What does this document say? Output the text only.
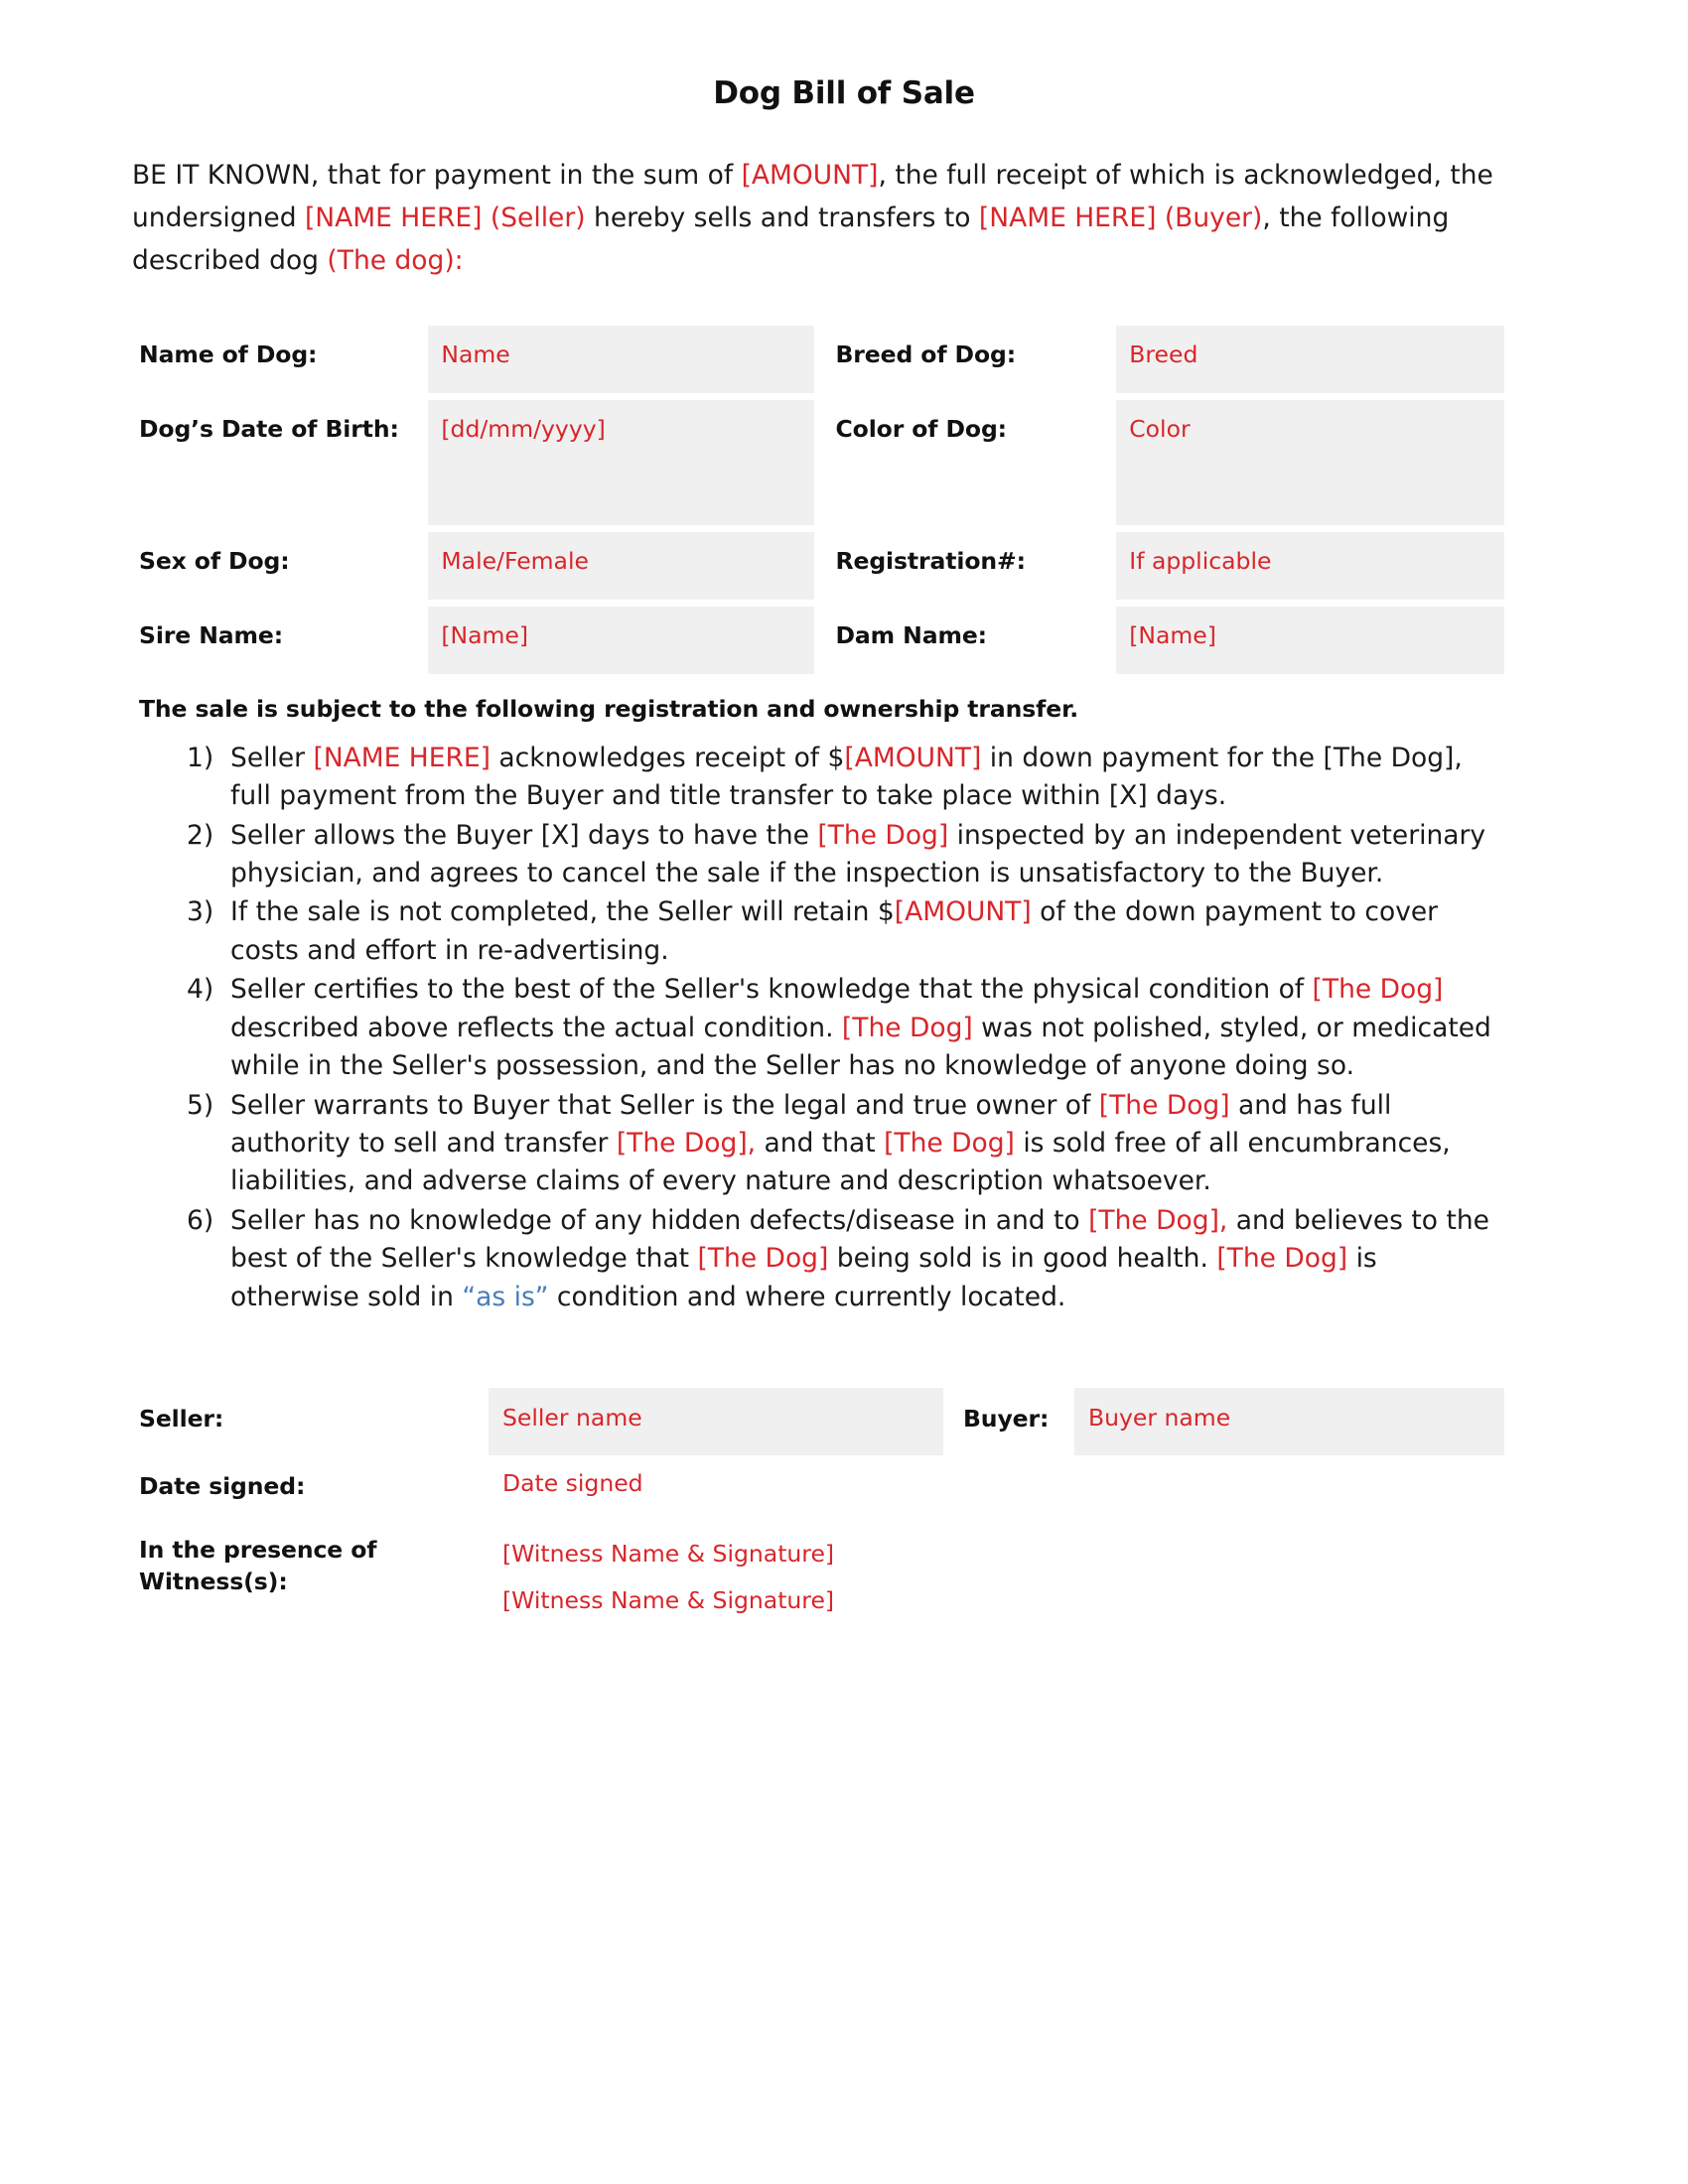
Dog Bill of Sale

BE IT KNOWN, that for payment in the sum of [AMOUNT], the full receipt of which is acknowledged, the undersigned [NAME HERE] (Seller) hereby sells and transfers to [NAME HERE] (Buyer), the following described dog (The dog):

Name of Dog:	Name		Breed of Dog:	Breed
Dog’s Date of Birth:	[dd/mm/yyyy]		Color of Dog:	Color
Sex of Dog:	Male/Female		Registration#:	If applicable
Sire Name:	[Name]		Dam Name:	[Name]

The sale is subject to the following registration and ownership transfer.

Seller [NAME HERE] acknowledges receipt of $[AMOUNT] in down payment for the [The Dog], full payment from the Buyer and title transfer to take place within [X] days.
Seller allows the Buyer [X] days to have the [The Dog] inspected by an independent veterinary physician, and agrees to cancel the sale if the inspection is unsatisfactory to the Buyer.
If the sale is not completed, the Seller will retain $[AMOUNT] of the down payment to cover costs and effort in re-advertising.
Seller certifies to the best of the Seller's knowledge that the physical condition of [The Dog] described above reflects the actual condition. [The Dog] was not polished, styled, or medicated while in the Seller's possession, and the Seller has no knowledge of anyone doing so.
Seller warrants to Buyer that Seller is the legal and true owner of [The Dog] and has full authority to sell and transfer [The Dog], and that [The Dog] is sold free of all encumbrances, liabilities, and adverse claims of every nature and description whatsoever.
Seller has no knowledge of any hidden defects/disease in and to [The Dog], and believes to the best of the Seller's knowledge that [The Dog] being sold is in good health. [The Dog] is otherwise sold in “as is” condition and where currently located.
Seller:	Seller name		Buyer:	Buyer name
Date signed:	Date signed			

In the presence of Witness(s):	[Witness Name & Signature]
[Witness Name & Signature]			
